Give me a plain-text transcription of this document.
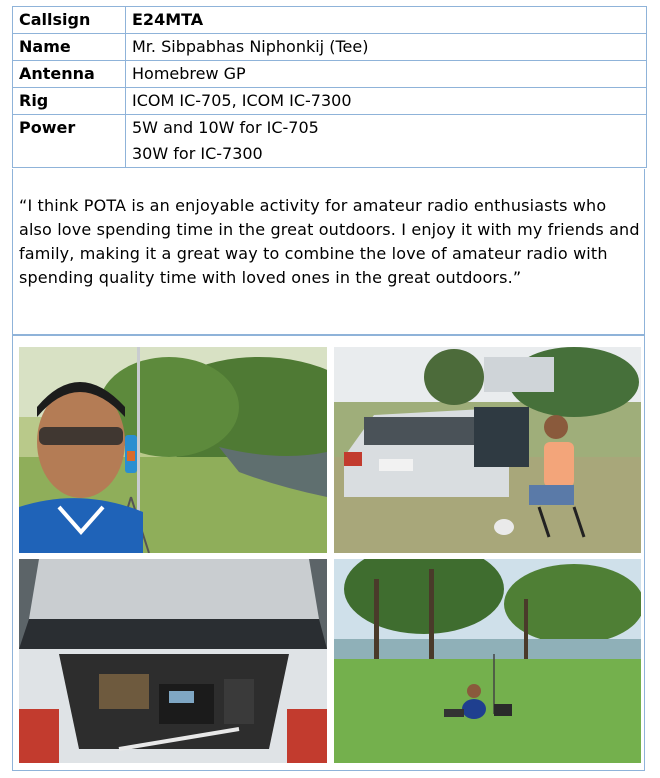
Callsign	E24MTA
Name	Mr. Sibpabhas Niphonkij (Tee)
Antenna	Homebrew GP
Rig	ICOM IC-705, ICOM IC-7300
Power	5W and 10W for IC-705
30W for IC-7300

“I think POTA is an enjoyable activity for amateur radio enthusiasts who also love spending time in the great outdoors. I enjoy it with my friends and family, making it a great way to combine the love of amateur radio with spending quality time with loved ones in the great outdoors.”
